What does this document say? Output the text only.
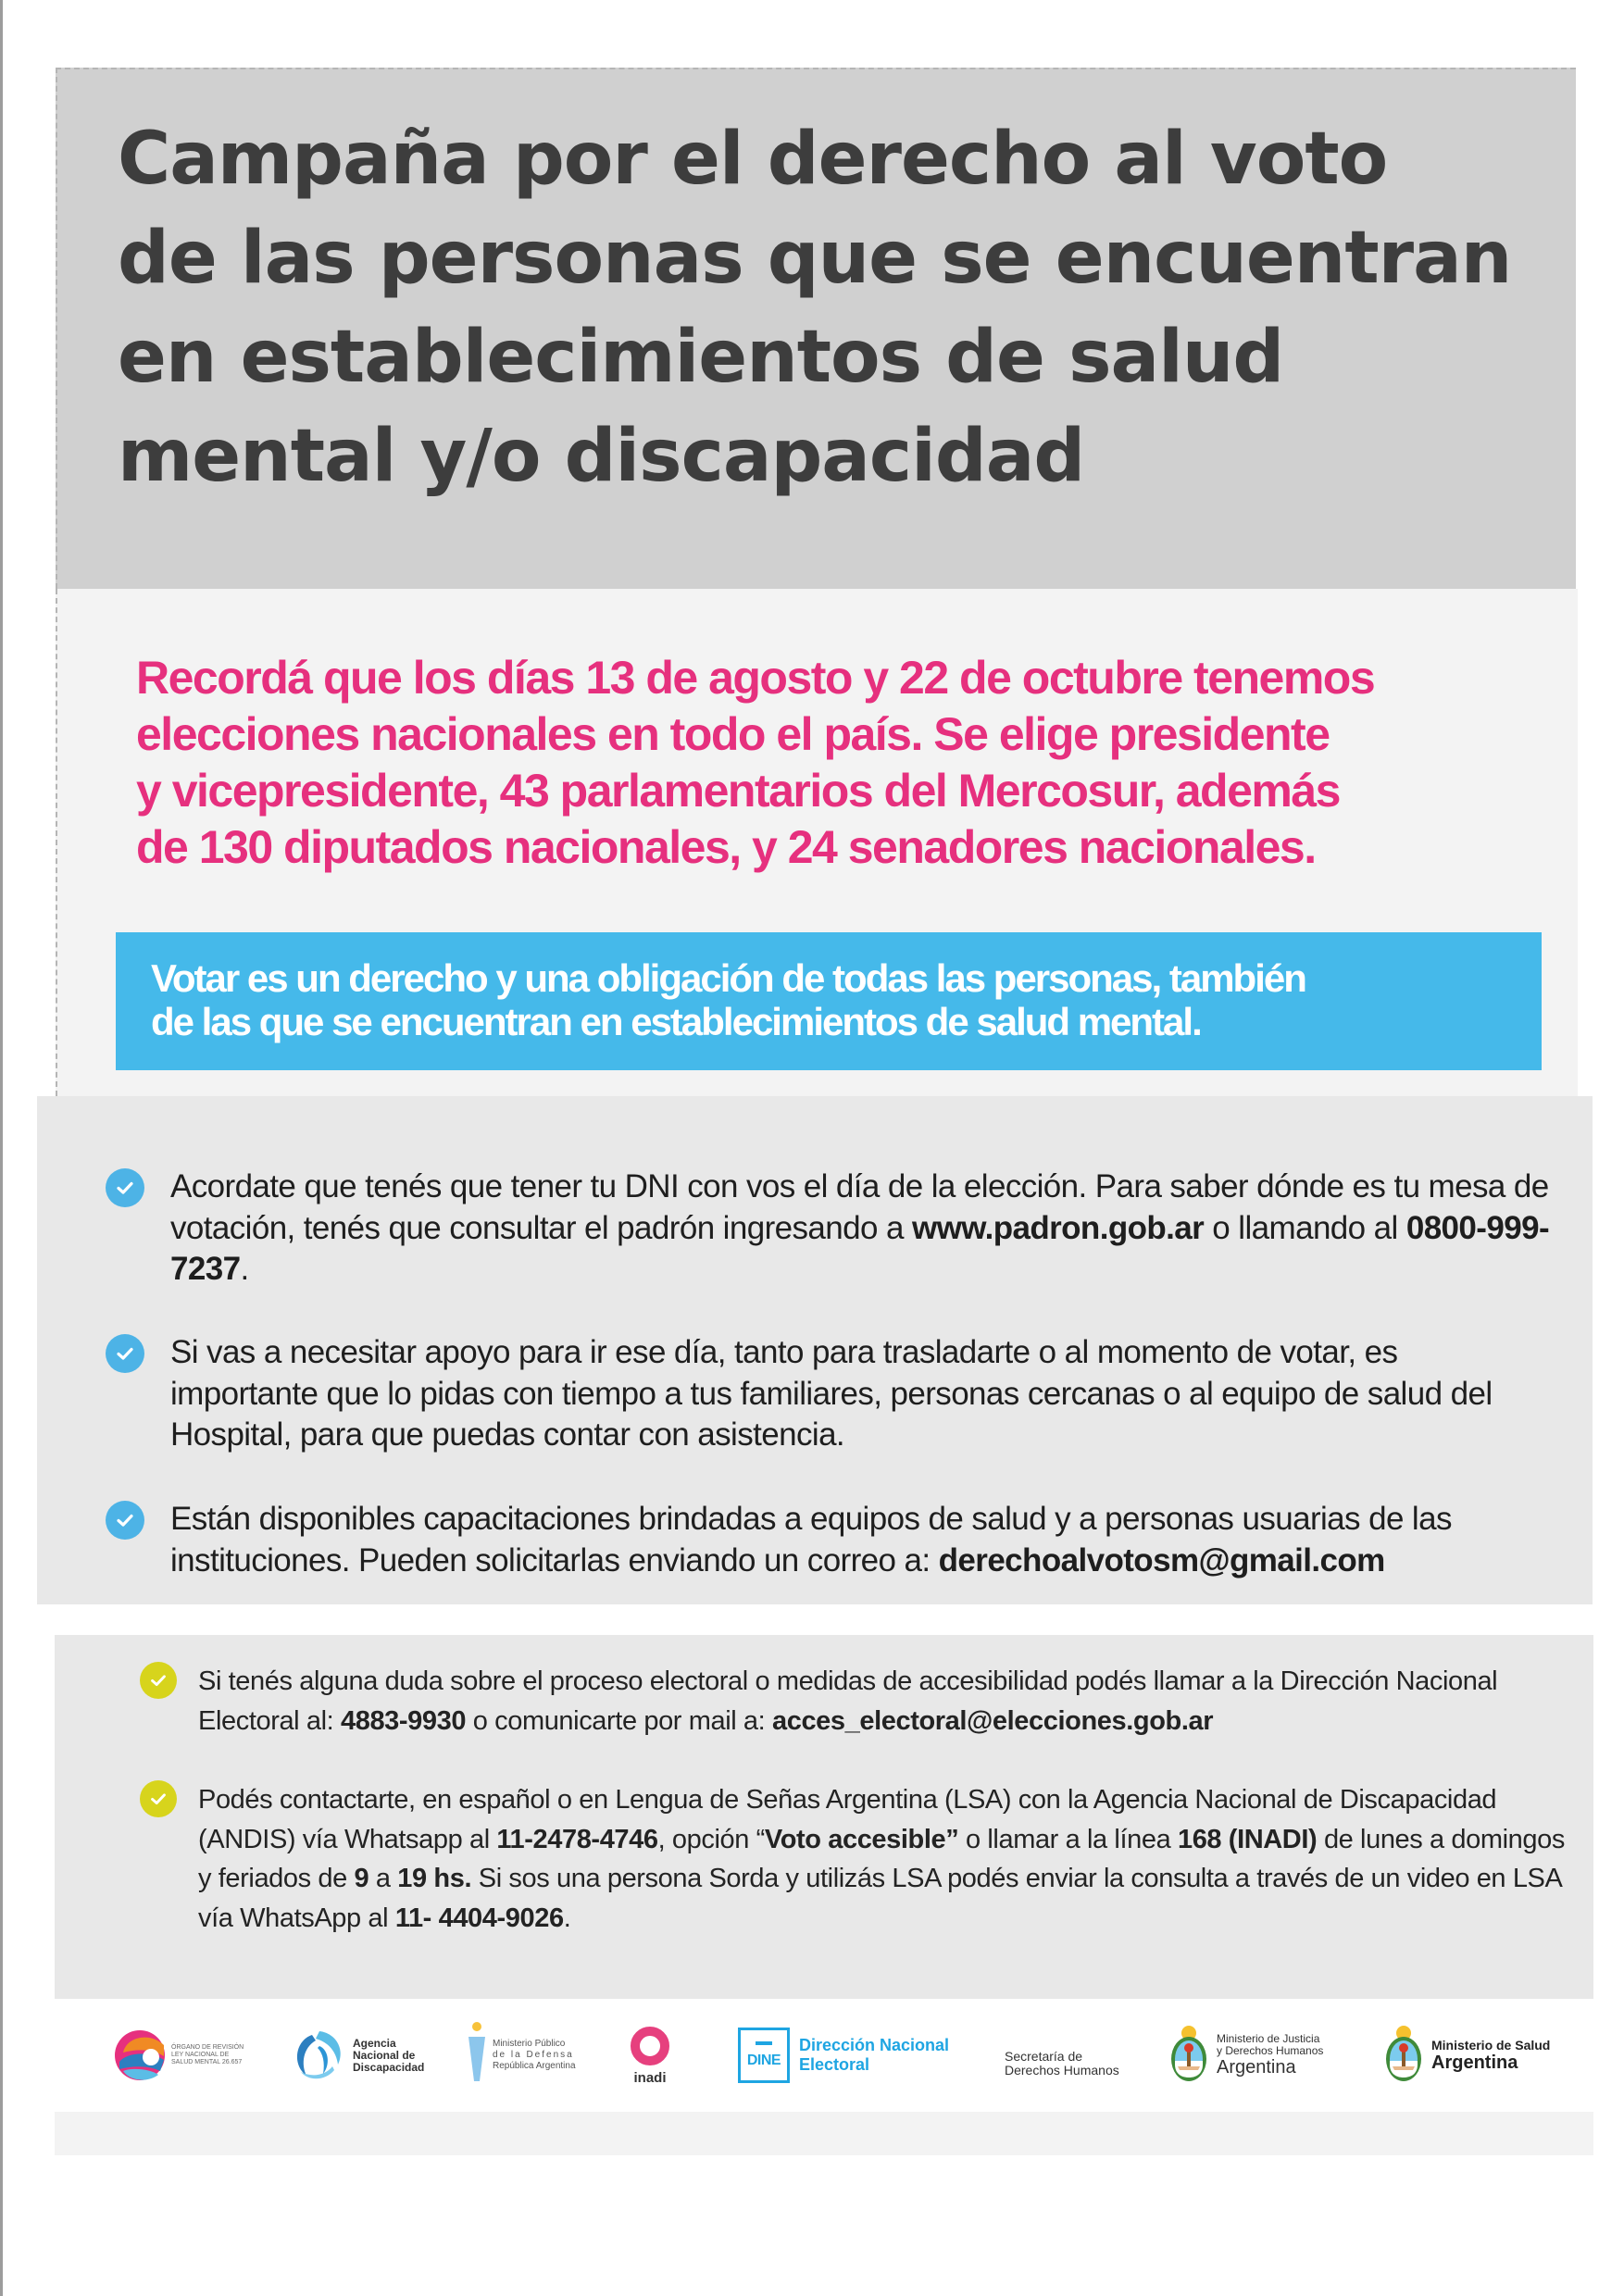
Campaña por el derecho al voto
de las personas que se encuentran
en establecimientos de salud
mental y/o discapacidad

Recordá que los días 13 de agosto y 22 de octubre tenemos
elecciones nacionales en todo el país. Se elige presidente
y vicepresidente, 43 parlamentarios del Mercosur, además
de 130 diputados nacionales, y 24 senadores nacionales.

Votar es un derecho y una obligación de todas las personas, también
de las que se encuentran en establecimientos de salud mental.

Acordate que tenés que tener tu DNI con vos el día de la elección. Para saber dónde es tu mesa de votación, tenés que consultar el padrón ingresando a www.padron.gob.ar o llamando al 0800-999-7237.
Si vas a necesitar apoyo para ir ese día, tanto para trasladarte o al momento de votar, es importante que lo pidas con tiempo a tus familiares, personas cercanas o al equipo de salud del Hospital, para que puedas contar con asistencia.
Están disponibles capacitaciones brindadas a equipos de salud y a personas usuarias de las instituciones. Pueden solicitarlas enviando un correo a: derechoalvotosm@gmail.com
Si tenés alguna duda sobre el proceso electoral o medidas de accesibilidad podés llamar a la Dirección Nacional Electoral al: 4883-9930 o comunicarte por mail a: acces_electoral@elecciones.gob.ar
Podés contactarte, en español o en Lengua de Señas Argentina (LSA) con la Agencia Nacional de Discapacidad (ANDIS) vía Whatsapp al 11-2478-4746, opción “Voto accesible” o llamar a la línea 168 (INADI) de lunes a domingos y feriados de 9 a 19 hs. Si sos una persona Sorda y utilizás LSA podés enviar la consulta a través de un video en LSA vía WhatsApp al 11- 4404-9026.
ÓRGANO DE REVISIÓN
LEY NACIONAL DE
SALUD MENTAL 26.657
Agencia
Nacional de
Discapacidad
Ministerio Público
de la Defensa
República Argentina
inadi
DINE
Dirección Nacional
Electoral	Secretaría de
Derechos Humanos
Ministerio de Justicia
y Derechos Humanos
Argentina
Ministerio de Salud
Argentina
